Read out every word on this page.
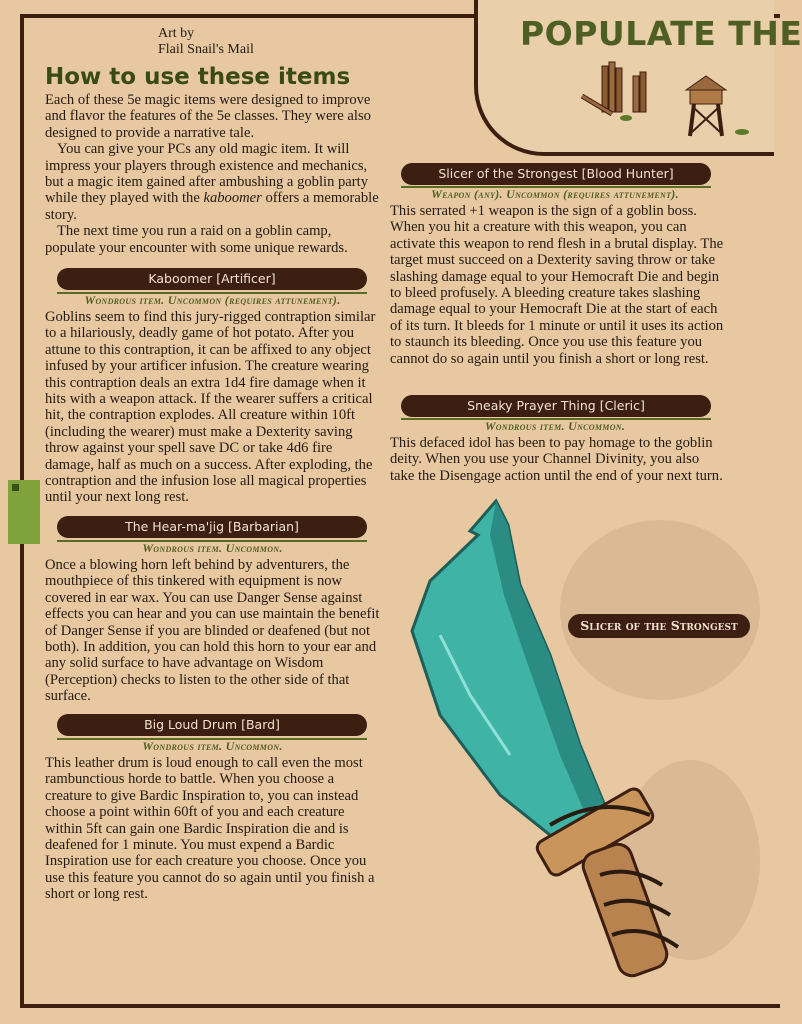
POPULATE THE
Art by
Flail Snail's Mail
How to use these items

Each of these 5e magic items were designed to improve and flavor the features of the 5e classes. They were also designed to provide a narrative tale.

You can give your PCs any old magic item. It will impress your players through existence and mechanics, but a magic item gained after ambushing a goblin party while they played with the kaboomer offers a memorable story.

The next time you run a raid on a goblin camp, populate your encounter with some unique rewards.

Kaboomer [Artificer]
Wondrous item. Uncommon (requires attunement).
Goblins seem to find this jury-rigged contraption similar to a hilariously, deadly game of hot potato. After you attune to this contraption, it can be affixed to any object infused by your artificer infusion. The creature wearing this contraption deals an extra 1d4 fire damage when it hits with a weapon attack. If the wearer suffers a critical hit, the contraption explodes. All creature within 10ft (including the wearer) must make a Dexterity saving throw against your spell save DC or take 4d6 fire damage, half as much on a success. After exploding, the contraption and the infusion lose all magical properties until your next long rest.
The Hear-ma'jig [Barbarian]
Wondrous item. Uncommon.
Once a blowing horn left behind by adventurers, the mouthpiece of this tinkered with equipment is now covered in ear wax. You can use Danger Sense against effects you can hear and you can use maintain the benefit of Danger Sense if you are blinded or deafened (but not both). In addition, you can hold this horn to your ear and any solid surface to have advantage on Wisdom (Perception) checks to listen to the other side of that surface.
Big Loud Drum [Bard]
Wondrous item. Uncommon.
This leather drum is loud enough to call even the most rambunctious horde to battle. When you choose a creature to give Bardic Inspiration to, you can instead choose a point within 60ft of you and each creature within 5ft can gain one Bardic Inspiration die and is deafened for 1 minute. You must expend a Bardic Inspiration use for each creature you choose. Once you use this feature you cannot do so again until you finish a short or long rest.
Slicer of the Strongest [Blood Hunter]
Weapon (any). Uncommon (requires attunement).
This serrated +1 weapon is the sign of a goblin boss. When you hit a creature with this weapon, you can activate this weapon to rend flesh in a brutal display. The target must succeed on a Dexterity saving throw or take slashing damage equal to your Hemocraft Die and begin to bleed profusely. A bleeding creature takes slashing damage equal to your Hemocraft Die at the start of each of its turn. It bleeds for 1 minute or until it uses its action to staunch its bleeding. Once you use this feature you cannot do so again until you finish a short or long rest.
Sneaky Prayer Thing [Cleric]
Wondrous item. Uncommon.
This defaced idol has been to pay homage to the goblin deity. When you use your Channel Divinity, you also take the Disengage action until the end of your next turn.
Slicer of the Strongest
